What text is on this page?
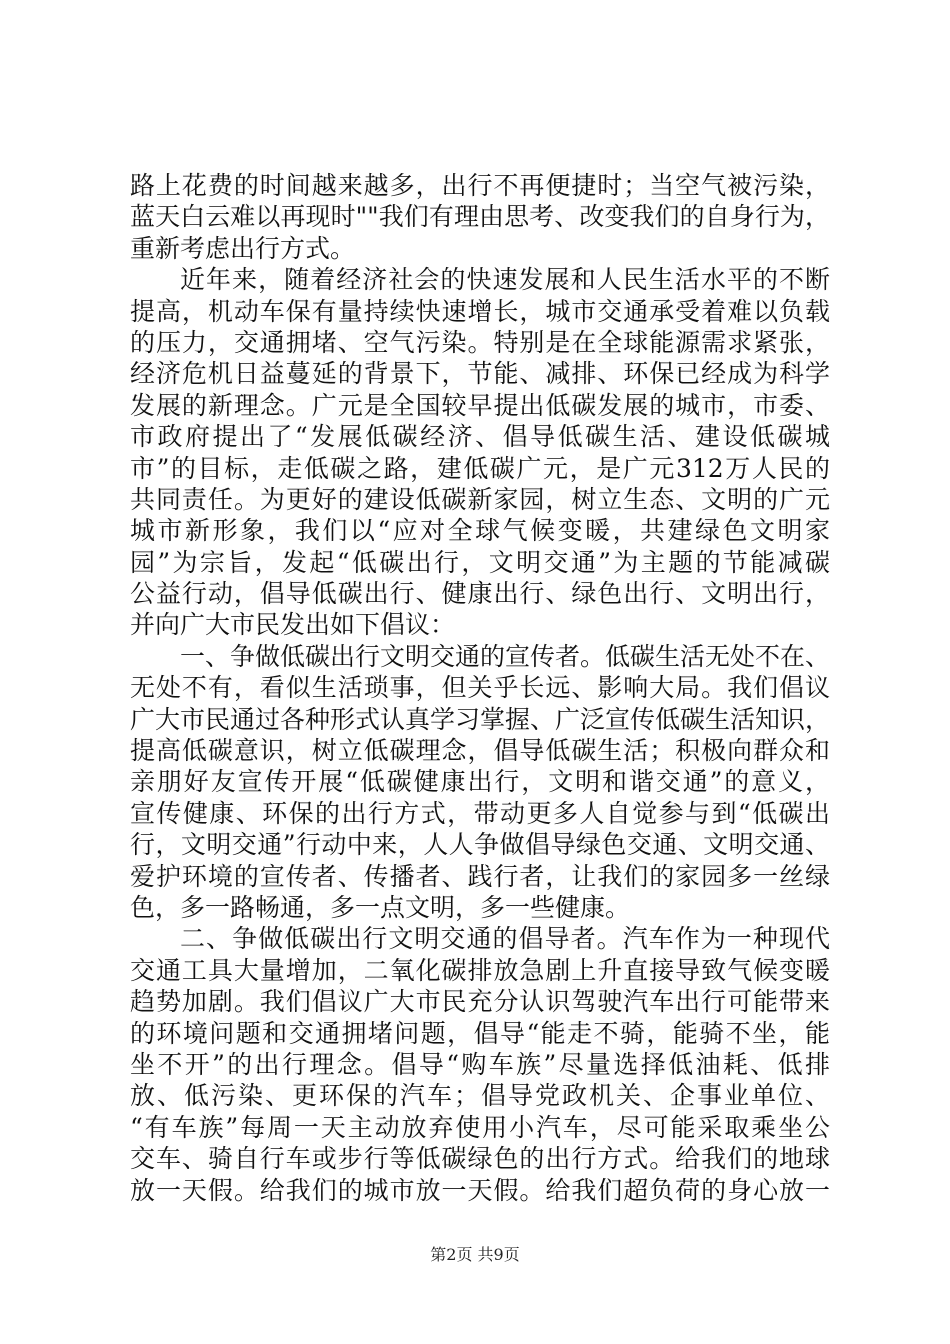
路上花费的时间越来越多，出行不再便捷时；当空气被污染，
蓝天白云难以再现时""我们有理由思考、改变我们的自身行为，
重新考虑出行方式。
近年来，随着经济社会的快速发展和人民生活水平的不断
提高，机动车保有量持续快速增长，城市交通承受着难以负载
的压力，交通拥堵、空气污染。特别是在全球能源需求紧张，
经济危机日益蔓延的背景下，节能、减排、环保已经成为科学
发展的新理念。广元是全国较早提出低碳发展的城市，市委、
市政府提出了“发展低碳经济、倡导低碳生活、建设低碳城
市”的目标，走低碳之路，建低碳广元，是广元312万人民的
共同责任。为更好的建设低碳新家园，树立生态、文明的广元
城市新形象，我们以“应对全球气候变暖，共建绿色文明家
园”为宗旨，发起“低碳出行，文明交通”为主题的节能减碳
公益行动，倡导低碳出行、健康出行、绿色出行、文明出行，
并向广大市民发出如下倡议：
一、争做低碳出行文明交通的宣传者。低碳生活无处不在、
无处不有，看似生活琐事，但关乎长远、影响大局。我们倡议
广大市民通过各种形式认真学习掌握、广泛宣传低碳生活知识，
提高低碳意识，树立低碳理念，倡导低碳生活；积极向群众和
亲朋好友宣传开展“低碳健康出行，文明和谐交通”的意义，
宣传健康、环保的出行方式，带动更多人自觉参与到“低碳出
行，文明交通”行动中来，人人争做倡导绿色交通、文明交通、
爱护环境的宣传者、传播者、践行者，让我们的家园多一丝绿
色，多一路畅通，多一点文明，多一些健康。
二、争做低碳出行文明交通的倡导者。汽车作为一种现代
交通工具大量增加，二氧化碳排放急剧上升直接导致气候变暖
趋势加剧。我们倡议广大市民充分认识驾驶汽车出行可能带来
的环境问题和交通拥堵问题，倡导“能走不骑，能骑不坐，能
坐不开”的出行理念。倡导“购车族”尽量选择低油耗、低排
放、低污染、更环保的汽车；倡导党政机关、企事业单位、
“有车族”每周一天主动放弃使用小汽车，尽可能采取乘坐公
交车、骑自行车或步行等低碳绿色的出行方式。给我们的地球
放一天假。给我们的城市放一天假。给我们超负荷的身心放一
第2页 共9页
